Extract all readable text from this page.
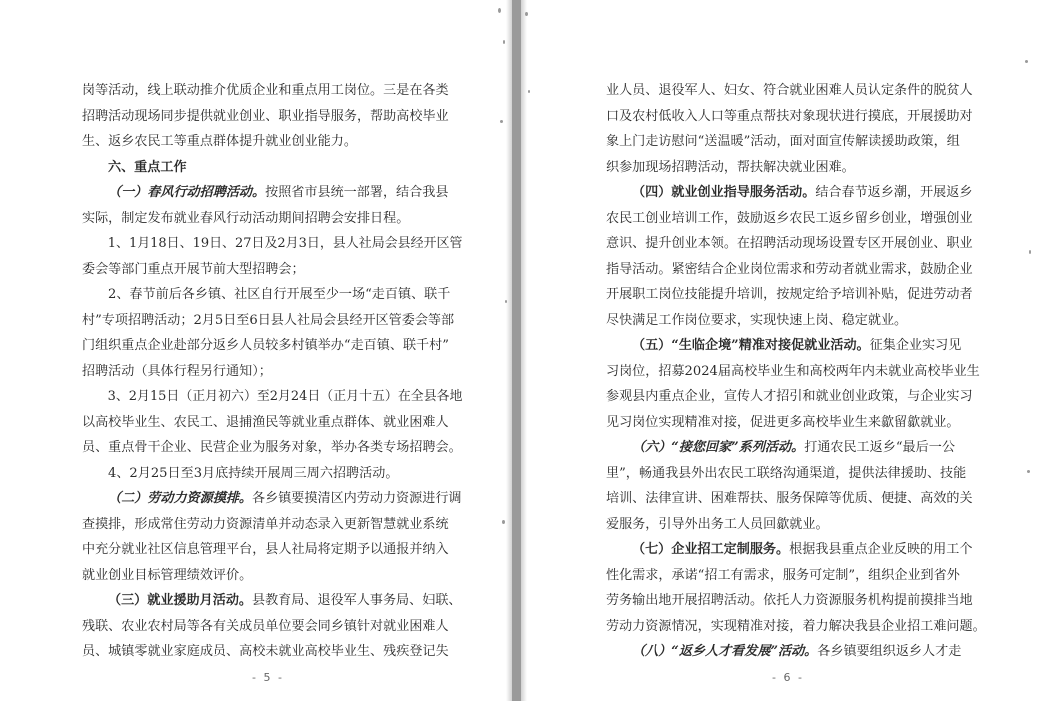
岗等活动，线上联动推介优质企业和重点用工岗位。三是在各类
招聘活动现场同步提供就业创业、职业指导服务，帮助高校毕业
生、返乡农民工等重点群体提升就业创业能力。

六、重点工作

（一）春风行动招聘活动。按照省市县统一部署，结合我县
实际，制定发布就业春风行动活动期间招聘会安排日程。

1、1月18日、19日、27日及2月3日，县人社局会县经开区管
委会等部门重点开展节前大型招聘会；

2、春节前后各乡镇、社区自行开展至少一场“走百镇、联千
村”专项招聘活动；2月5日至6日县人社局会县经开区管委会等部
门组织重点企业赴部分返乡人员较多村镇举办“走百镇、联千村”
招聘活动（具体行程另行通知）；

3、2月15日（正月初六）至2月24日（正月十五）在全县各地
以高校毕业生、农民工、退捕渔民等就业重点群体、就业困难人
员、重点骨干企业、民营企业为服务对象，举办各类专场招聘会。

4、2月25日至3月底持续开展周三周六招聘活动。

（二）劳动力资源摸排。各乡镇要摸清区内劳动力资源进行调
查摸排，形成常住劳动力资源清单并动态录入更新智慧就业系统
中充分就业社区信息管理平台，县人社局将定期予以通报并纳入
就业创业目标管理绩效评价。

（三）就业援助月活动。县教育局、退役军人事务局、妇联、
残联、农业农村局等各有关成员单位要会同乡镇针对就业困难人
员、城镇零就业家庭成员、高校未就业高校毕业生、残疾登记失

- 5 -

业人员、退役军人、妇女、符合就业困难人员认定条件的脱贫人
口及农村低收入人口等重点帮扶对象现状进行摸底，开展援助对
象上门走访慰问“送温暖”活动，面对面宣传解读援助政策，组
织参加现场招聘活动，帮扶解决就业困难。

（四）就业创业指导服务活动。结合春节返乡潮，开展返乡
农民工创业培训工作，鼓励返乡农民工返乡留乡创业，增强创业
意识、提升创业本领。在招聘活动现场设置专区开展创业、职业
指导活动。紧密结合企业岗位需求和劳动者就业需求，鼓励企业
开展职工岗位技能提升培训，按规定给予培训补贴，促进劳动者
尽快满足工作岗位要求，实现快速上岗、稳定就业。

（五）“生临企境”精准对接促就业活动。征集企业实习见
习岗位，招募2024届高校毕业生和高校两年内未就业高校毕业生
参观县内重点企业，宣传人才招引和就业创业政策，与企业实习
见习岗位实现精准对接，促进更多高校毕业生来歙留歙就业。

（六）“接您回家”系列活动。打通农民工返乡“最后一公
里”，畅通我县外出农民工联络沟通渠道，提供法律援助、技能
培训、法律宣讲、困难帮扶、服务保障等优质、便捷、高效的关
爱服务，引导外出务工人员回歙就业。

（七）企业招工定制服务。根据我县重点企业反映的用工个
性化需求，承诺“招工有需求，服务可定制”，组织企业到省外
劳务输出地开展招聘活动。依托人力资源服务机构提前摸排当地
劳动力资源情况，实现精准对接，着力解决我县企业招工难问题。

（八）“返乡人才看发展”活动。各乡镇要组织返乡人才走

- 6 -
